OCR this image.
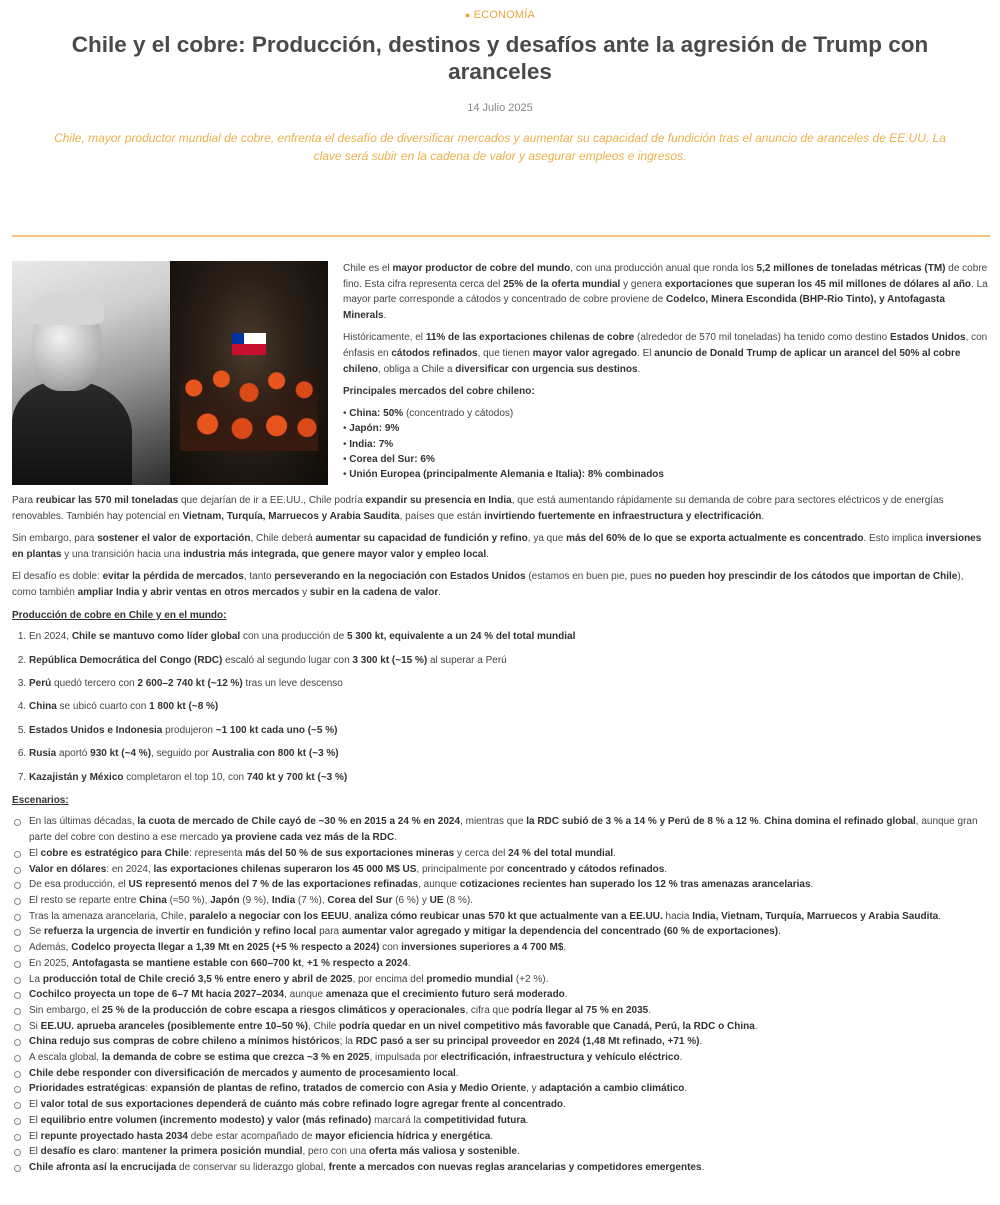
● ECONOMÍA
Chile y el cobre: Producción, destinos y desafíos ante la agresión de Trump con aranceles
14 Julio 2025
Chile, mayor productor mundial de cobre, enfrenta el desafío de diversificar mercados y aumentar su capacidad de fundición tras el anuncio de aranceles de EE.UU. La clave será subir en la cadena de valor y asegurar empleos e ingresos.

Chile es el mayor productor de cobre del mundo, con una producción anual que ronda los 5,2 millones de toneladas métricas (TM) de cobre fino. Esta cifra representa cerca del 25% de la oferta mundial y genera exportaciones que superan los 45 mil millones de dólares al año. La mayor parte corresponde a cátodos y concentrado de cobre proviene de Codelco, Minera Escondida (BHP-Rio Tinto), y Antofagasta Minerals.

Históricamente, el 11% de las exportaciones chilenas de cobre (alrededor de 570 mil toneladas) ha tenido como destino Estados Unidos, con énfasis en cátodos refinados, que tienen mayor valor agregado. El anuncio de Donald Trump de aplicar un arancel del 50% al cobre chileno, obliga a Chile a diversificar con urgencia sus destinos.

Principales mercados del cobre chileno:
• China: 50% (concentrado y cátodos)
• Japón: 9%
• India: 7%
• Corea del Sur: 6%
• Unión Europea (principalmente Alemania e Italia): 8% combinados

Para reubicar las 570 mil toneladas que dejarían de ir a EE.UU., Chile podría expandir su presencia en India, que está aumentando rápidamente su demanda de cobre para sectores eléctricos y de energías renovables. También hay potencial en Vietnam, Turquía, Marruecos y Arabia Saudita, países que están invirtiendo fuertemente en infraestructura y electrificación.

Sin embargo, para sostener el valor de exportación, Chile deberá aumentar su capacidad de fundición y refino, ya que más del 60% de lo que se exporta actualmente es concentrado. Esto implica inversiones en plantas y una transición hacia una industria más integrada, que genere mayor valor y empleo local.

El desafío es doble: evitar la pérdida de mercados, tanto perseverando en la negociación con Estados Unidos (estamos en buen pie, pues no pueden hoy prescindir de los cátodos que importan de Chile), como también ampliar India y abrir ventas en otros mercados y subir en la cadena de valor.

Producción de cobre en Chile y en el mundo:
1. En 2024, Chile se mantuvo como líder global con una producción de 5 300 kt, equivalente a un 24 % del total mundial
2. República Democrática del Congo (RDC) escaló al segundo lugar con 3 300 kt (~15 %) al superar a Perú
3. Perú quedó tercero con 2 600–2 740 kt (~12 %) tras un leve descenso
4. China se ubicó cuarto con 1 800 kt (~8 %)
5. Estados Unidos e Indonesia produjeron ~1 100 kt cada uno (~5 %)
6. Rusia aportó 930 kt (~4 %), seguido por Australia con 800 kt (~3 %)
7. Kazajistán y México completaron el top 10, con 740 kt y 700 kt (~3 %)
Escenarios:
En las últimas décadas, la cuota de mercado de Chile cayó de ~30 % en 2015 a 24 % en 2024, mientras que la RDC subió de 3 % a 14 % y Perú de 8 % a 12 %. China domina el refinado global, aunque gran parte del cobre con destino a ese mercado ya proviene cada vez más de la RDC.
El cobre es estratégico para Chile: representa más del 50 % de sus exportaciones mineras y cerca del 24 % del total mundial.
Valor en dólares: en 2024, las exportaciones chilenas superaron los 45 000 M$ US, principalmente por concentrado y cátodos refinados.
De esa producción, el US representó menos del 7 % de las exportaciones refinadas, aunque cotizaciones recientes han superado los 12 % tras amenazas arancelarias.
El resto se reparte entre China (≈50 %), Japón (9 %), India (7 %), Corea del Sur (6 %) y UE (8 %).
Tras la amenaza arancelaria, Chile, paralelo a negociar con los EEUU, analiza cómo reubicar unas 570 kt que actualmente van a EE.UU. hacia India, Vietnam, Turquía, Marruecos y Arabia Saudita.
Se refuerza la urgencia de invertir en fundición y refino local para aumentar valor agregado y mitigar la dependencia del concentrado (60 % de exportaciones).
Además, Codelco proyecta llegar a 1,39 Mt en 2025 (+5 % respecto a 2024) con inversiones superiores a 4 700 M$.
En 2025, Antofagasta se mantiene estable con 660–700 kt, +1 % respecto a 2024.
La producción total de Chile creció 3,5 % entre enero y abril de 2025, por encima del promedio mundial (+2 %).
Cochilco proyecta un tope de 6–7 Mt hacia 2027–2034, aunque amenaza que el crecimiento futuro será moderado.
Sin embargo, el 25 % de la producción de cobre escapa a riesgos climáticos y operacionales, cifra que podría llegar al 75 % en 2035.
Si EE.UU. aprueba aranceles (posiblemente entre 10–50 %), Chile podría quedar en un nivel competitivo más favorable que Canadá, Perú, la RDC o China.
China redujo sus compras de cobre chileno a mínimos históricos; la RDC pasó a ser su principal proveedor en 2024 (1,48 Mt refinado, +71 %).
A escala global, la demanda de cobre se estima que crezca ~3 % en 2025, impulsada por electrificación, infraestructura y vehículo eléctrico.
Chile debe responder con diversificación de mercados y aumento de procesamiento local.
Prioridades estratégicas: expansión de plantas de refino, tratados de comercio con Asia y Medio Oriente, y adaptación a cambio climático.
El valor total de sus exportaciones dependerá de cuánto más cobre refinado logre agregar frente al concentrado.
El equilibrio entre volumen (incremento modesto) y valor (más refinado) marcará la competitividad futura.
El repunte proyectado hasta 2034 debe estar acompañado de mayor eficiencia hídrica y energética.
El desafío es claro: mantener la primera posición mundial, pero con una oferta más valiosa y sostenible.
Chile afronta así la encrucijada de conservar su liderazgo global, frente a mercados con nuevas reglas arancelarias y competidores emergentes.
